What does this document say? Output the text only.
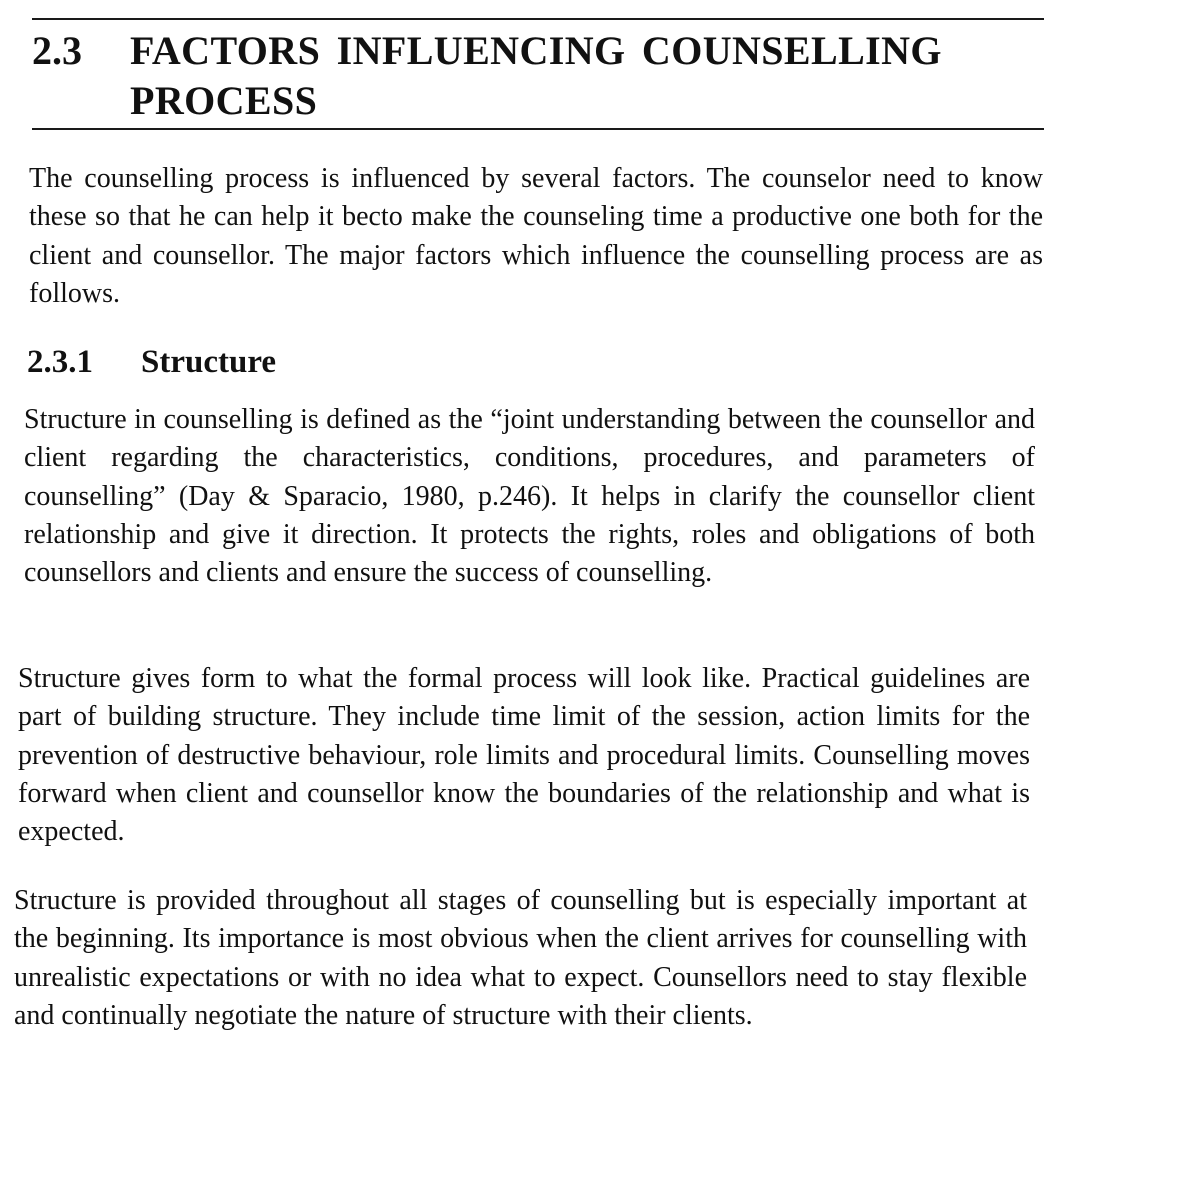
2.3	FACTORS INFLUENCING COUNSELLING PROCESS

The counselling process is influenced by several factors. The counselor need to know these so that he can help it becto make the counseling time a productive one both for the client and counsellor. The major factors which influence the counselling process are as follows.

2.3.1	Structure

Structure in counselling is defined as the “joint understanding between the counsellor and client regarding the characteristics, conditions, procedures, and parameters of counselling” (Day & Sparacio, 1980, p.246). It helps in clarify the counsellor client relationship and give it direction. It protects the rights, roles and obligations of both counsellors and clients and ensure the success of counselling.

Structure gives form to what the formal process will look like. Practical guidelines are part of building structure. They include time limit of the session, action limits for the prevention of destructive behaviour, role limits and procedural limits. Counselling moves forward when client and counsellor know the boundaries of the relationship and what is expected.

Structure is provided throughout all stages of counselling but is especially important at the beginning. Its importance is most obvious when the client arrives for counselling with unrealistic expectations or with no idea what to expect. Counsellors need to stay flexible and continually negotiate the nature of structure with their clients.
